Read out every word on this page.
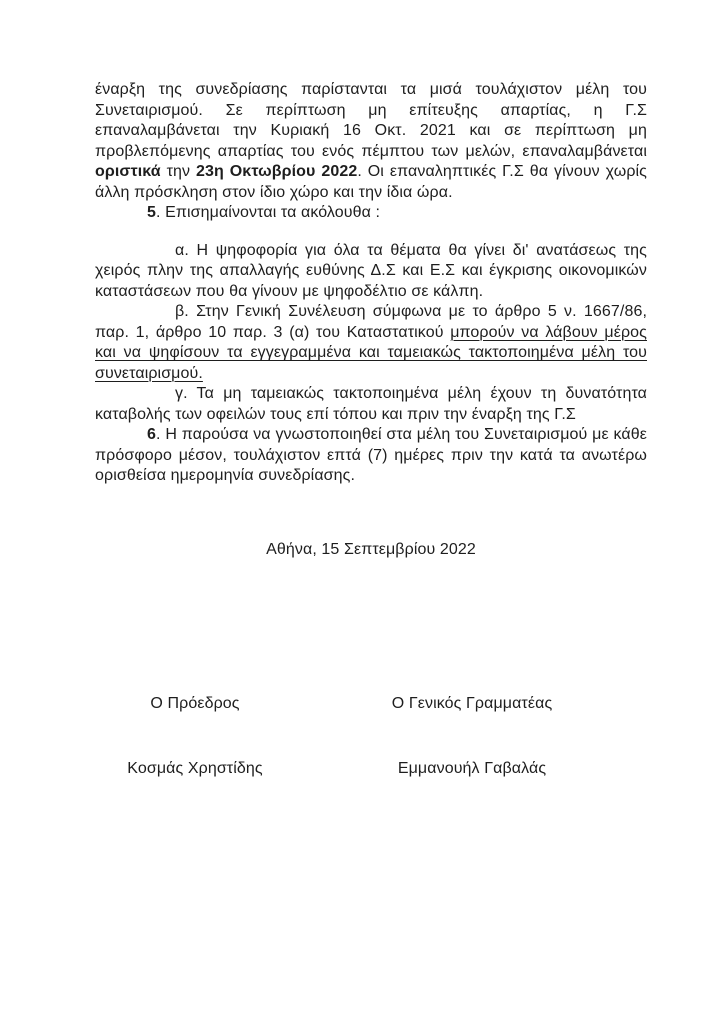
έναρξη της συνεδρίασης παρίστανται τα μισά τουλάχιστον μέλη του Συνεταιρισμού. Σε περίπτωση μη επίτευξης απαρτίας, η Γ.Σ επαναλαμβάνεται την Κυριακή 16 Οκτ. 2021 και σε περίπτωση μη προβλεπόμενης απαρτίας του ενός πέμπτου των μελών, επαναλαμβάνεται οριστικά την 23η Οκτωβρίου 2022. Οι επαναληπτικές Γ.Σ θα γίνουν χωρίς άλλη πρόσκληση στον ίδιο χώρο και την ίδια ώρα.

5. Επισημαίνονται τα ακόλουθα :

α. Η ψηφοφορία για όλα τα θέματα θα γίνει δι' ανατάσεως της χειρός πλην της απαλλαγής ευθύνης Δ.Σ και Ε.Σ και έγκρισης οικονομικών καταστάσεων που θα γίνουν με ψηφοδέλτιο σε κάλπη.

β. Στην Γενική Συνέλευση σύμφωνα με το άρθρο 5 ν. 1667/86, παρ. 1, άρθρο 10 παρ. 3 (α) του Καταστατικού μπορούν να λάβουν μέρος και να ψηφίσουν τα εγγεγραμμένα και ταμειακώς τακτοποιημένα μέλη του συνεταιρισμού.

γ. Τα μη ταμειακώς τακτοποιημένα μέλη έχουν τη δυνατότητα καταβολής των οφειλών τους επί τόπου και πριν την έναρξη της Γ.Σ

6. Η παρούσα να γνωστοποιηθεί στα μέλη του Συνεταιρισμού με κάθε πρόσφορο μέσον, τουλάχιστον επτά (7) ημέρες πριν την κατά τα ανωτέρω ορισθείσα ημερομηνία συνεδρίασης.

Αθήνα, 15 Σεπτεμβρίου 2022
Ο Πρόεδρος
Κοσμάς Χρηστίδης
Ο Γενικός Γραμματέας
Εμμανουήλ Γαβαλάς
